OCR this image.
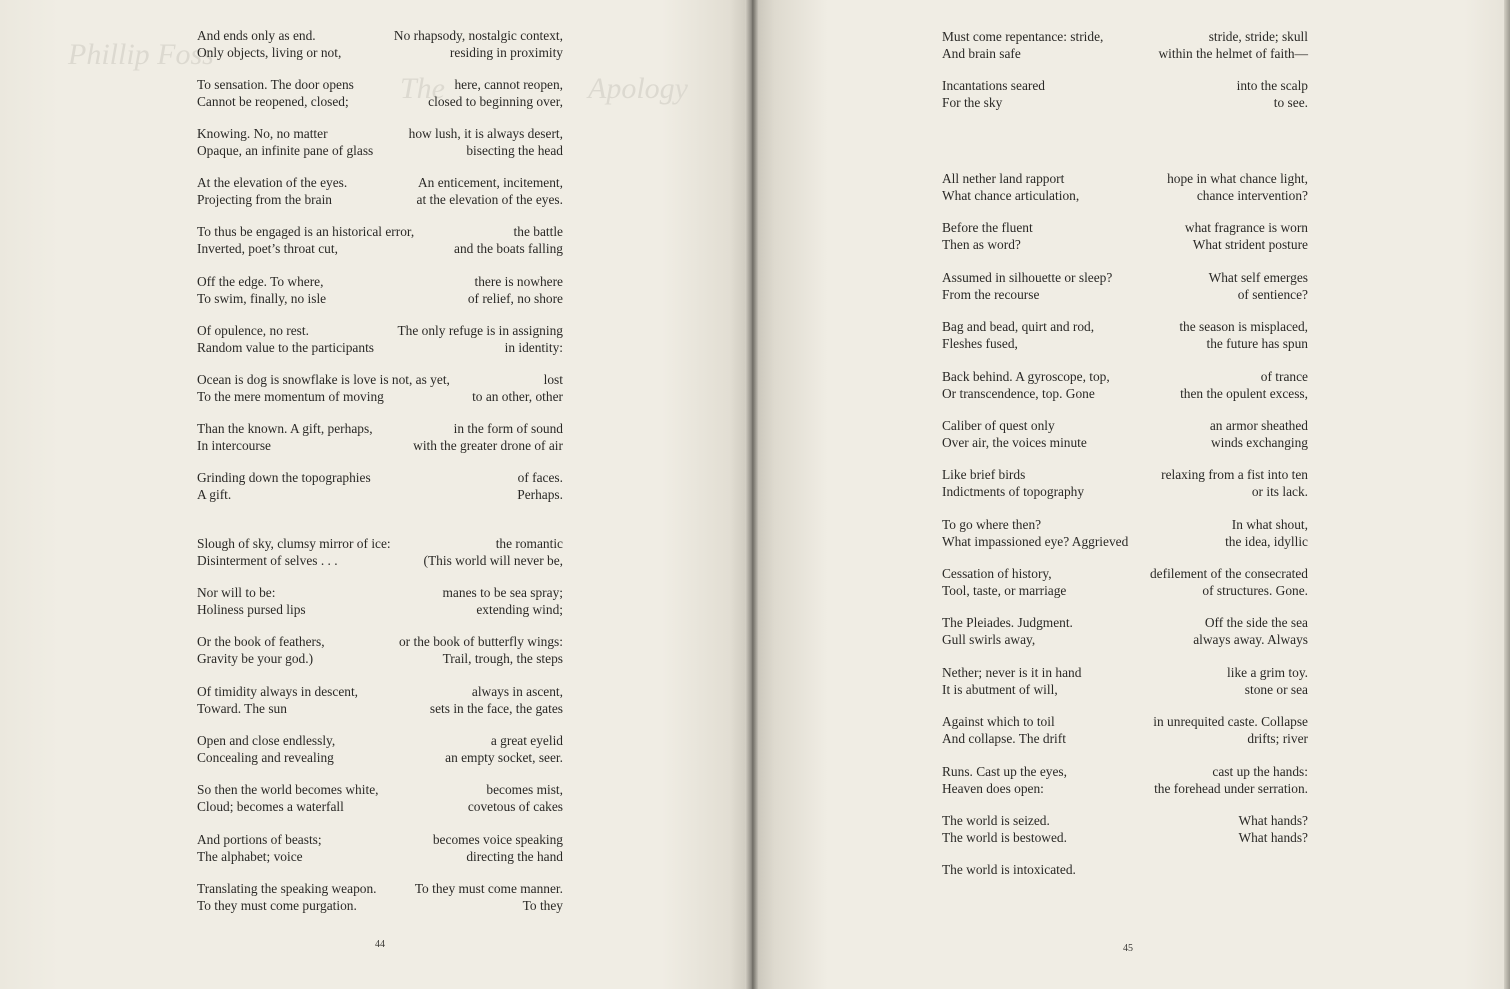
Phillip Foss
The	Apology
And ends only as end.	No rhapsody, nostalgic context,
Only objects, living or not,	residing in proximity
To sensation. The door opens	here, cannot reopen,
Cannot be reopened, closed;	closed to beginning over,
Knowing. No, no matter	how lush, it is always desert,
Opaque, an infinite pane of glass	bisecting the head
At the elevation of the eyes.	An enticement, incitement,
Projecting from the brain	at the elevation of the eyes.
To thus be engaged is an historical error,	the battle
Inverted, poet’s throat cut,	and the boats falling
Off the edge. To where,	there is nowhere
To swim, finally, no isle	of relief, no shore
Of opulence, no rest.	The only refuge is in assigning
Random value to the participants	in identity:
Ocean is dog is snowflake is love is not, as yet,	lost
To the mere momentum of moving	to an other, other
Than the known. A gift, perhaps,	in the form of sound
In intercourse	with the greater drone of air
Grinding down the topographies	of faces.
A gift.	Perhaps.
Slough of sky, clumsy mirror of ice:	the romantic
Disinterment of selves . . .	(This world will never be,
Nor will to be:	manes to be sea spray;
Holiness pursed lips	extending wind;
Or the book of feathers,	or the book of butterfly wings:
Gravity be your god.)	Trail, trough, the steps
Of timidity always in descent,	always in ascent,
Toward. The sun	sets in the face, the gates
Open and close endlessly,	a great eyelid
Concealing and revealing	an empty socket, seer.
So then the world becomes white,	becomes mist,
Cloud; becomes a waterfall	covetous of cakes
And portions of beasts;	becomes voice speaking
The alphabet; voice	directing the hand
Translating the speaking weapon.	To they must come manner.
To they must come purgation.	To they
44
Must come repentance: stride,	stride, stride; skull
And brain safe	within the helmet of faith—
Incantations seared	into the scalp
For the sky	to see.
All nether land rapport	hope in what chance light,
What chance articulation,	chance intervention?
Before the fluent	what fragrance is worn
Then as word?	What strident posture
Assumed in silhouette or sleep?	What self emerges
From the recourse	of sentience?
Bag and bead, quirt and rod,	the season is misplaced,
Fleshes fused,	the future has spun
Back behind. A gyroscope, top,	of trance
Or transcendence, top. Gone	then the opulent excess,
Caliber of quest only	an armor sheathed
Over air, the voices minute	winds exchanging
Like brief birds	relaxing from a fist into ten
Indictments of topography	or its lack.
To go where then?	In what shout,
What impassioned eye? Aggrieved	the idea, idyllic
Cessation of history,	defilement of the consecrated
Tool, taste, or marriage	of structures. Gone.
The Pleiades. Judgment.	Off the side the sea
Gull swirls away,	always away. Always
Nether; never is it in hand	like a grim toy.
It is abutment of will,	stone or sea
Against which to toil	in unrequited caste. Collapse
And collapse. The drift	drifts; river
Runs. Cast up the eyes,	cast up the hands:
Heaven does open:	the forehead under serration.
The world is seized.	What hands?
The world is bestowed.	What hands?
The world is intoxicated.
45
